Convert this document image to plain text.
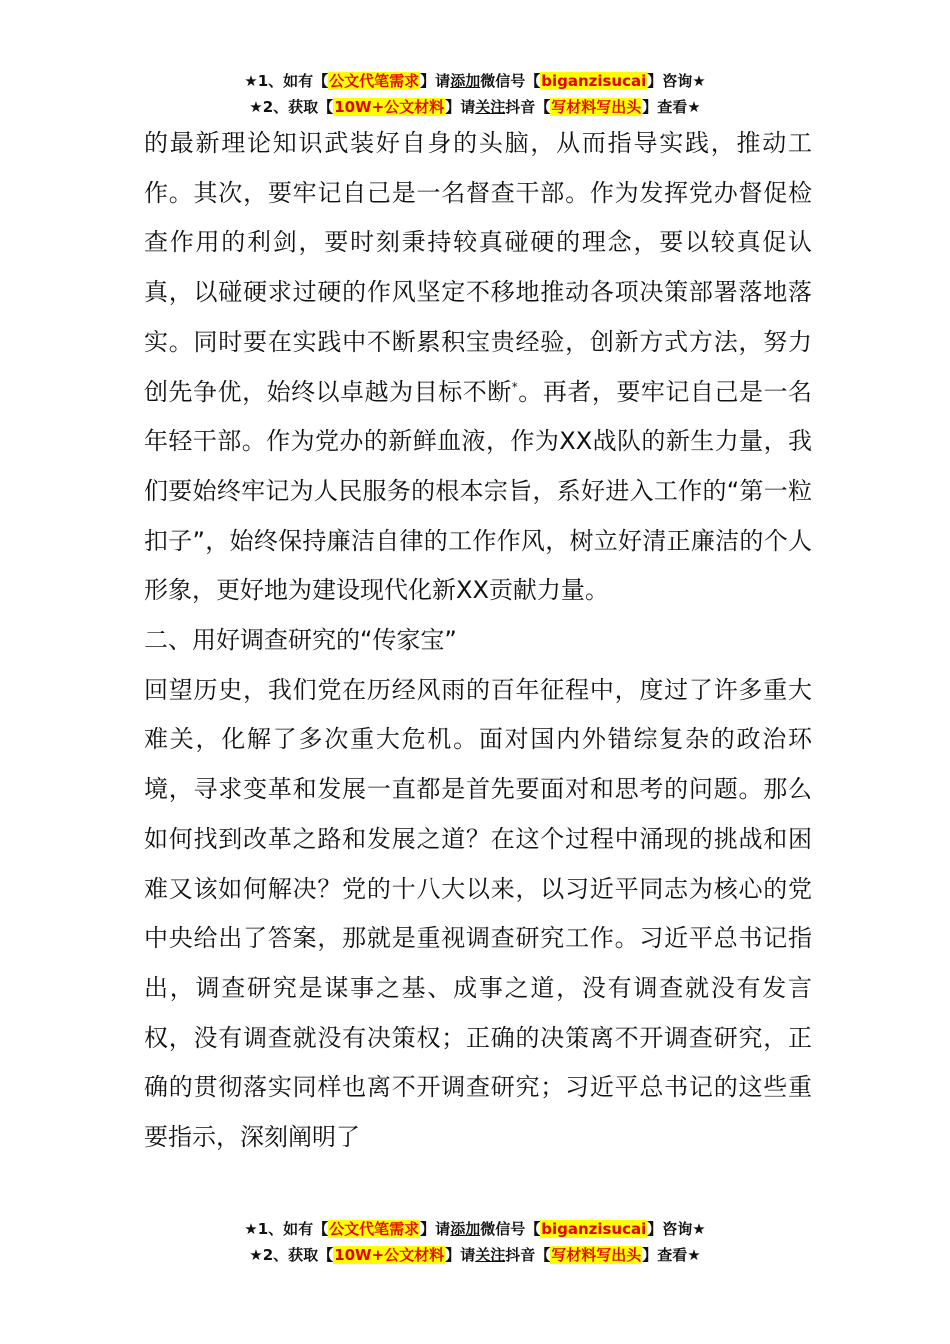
★1、如有【公文代笔需求】请添加微信号【biganzisucai】咨询★
★2、获取【10W+公文材料】请关注抖音【写材料写出头】查看★

的最新理论知识武装好自身的头脑，从而指导实践，推动工作。其次，要牢记自己是一名督查干部。作为发挥党办督促检查作用的利剑，要时刻秉持较真碰硬的理念，要以较真促认真，以碰硬求过硬的作风坚定不移地推动各项决策部署落地落实。同时要在实践中不断累积宝贵经验，创新方式方法，努力创先争优，始终以卓越为目标不断*。再者，要牢记自己是一名年轻干部。作为党办的新鲜血液，作为XX战队的新生力量，我们要始终牢记为人民服务的根本宗旨，系好进入工作的“第一粒扣子”，始终保持廉洁自律的工作作风，树立好清正廉洁的个人形象，更好地为建设现代化新XX贡献力量。

二、用好调查研究的“传家宝”

回望历史，我们党在历经风雨的百年征程中，度过了许多重大难关，化解了多次重大危机。面对国内外错综复杂的政治环境，寻求变革和发展一直都是首先要面对和思考的问题。那么如何找到改革之路和发展之道？在这个过程中涌现的挑战和困难又该如何解决？党的十八大以来，以习近平同志为核心的党中央给出了答案，那就是重视调查研究工作。习近平总书记指出，调查研究是谋事之基、成事之道，没有调查就没有发言权，没有调查就没有决策权；正确的决策离不开调查研究，正确的贯彻落实同样也离不开调查研究；习近平总书记的这些重要指示，深刻阐明了

★1、如有【公文代笔需求】请添加微信号【biganzisucai】咨询★
★2、获取【10W+公文材料】请关注抖音【写材料写出头】查看★
